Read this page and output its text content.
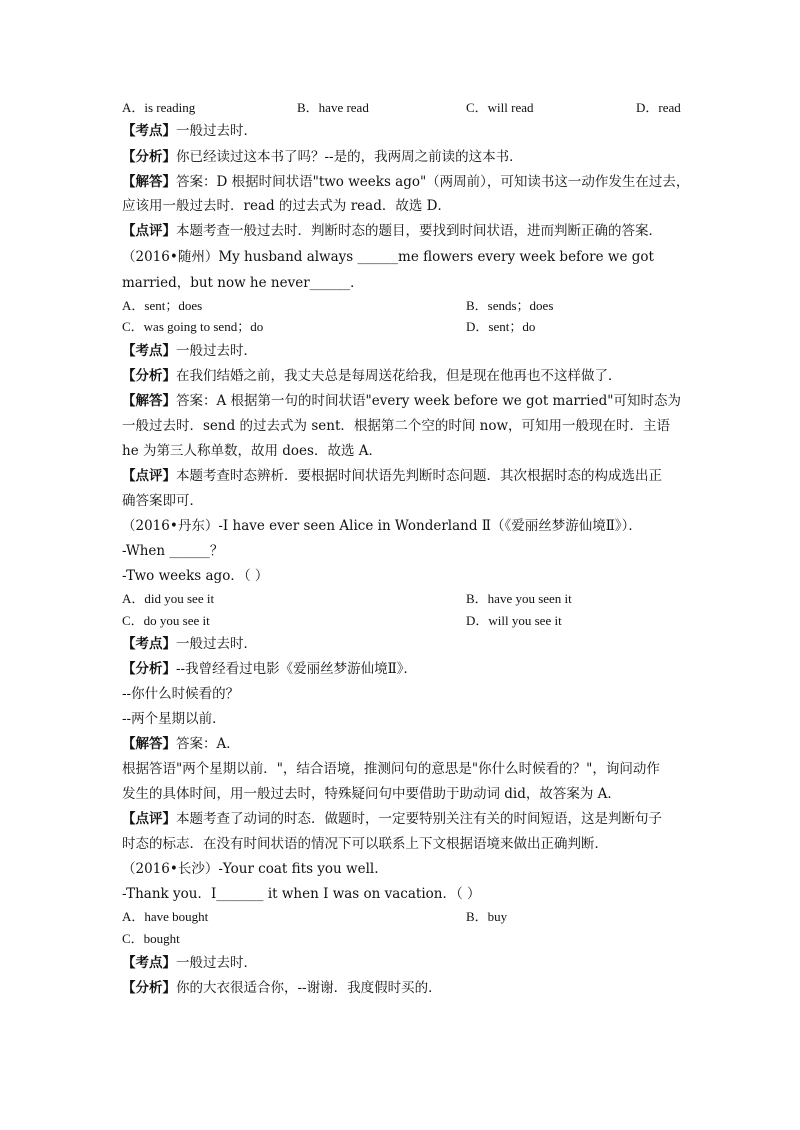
A．is reading	B．have read	C．will read	D．read
【考点】一般过去时．
【分析】你已经读过这本书了吗？--是的，我两周之前读的这本书．
【解答】答案：D 根据时间状语"two weeks ago"（两周前），可知读书这一动作发生在过去，
应该用一般过去时．read 的过去式为 read．故选 D．
【点评】本题考查一般过去时．判断时态的题目，要找到时间状语，进而判断正确的答案．
（2016•随州）My husband always ______me flowers every week before we got
married，but now he never______．
A．sent；does	B．sends；does
C．was going to send；do	D．sent；do
【考点】一般过去时．
【分析】在我们结婚之前，我丈夫总是每周送花给我，但是现在他再也不这样做了．
【解答】答案：A 根据第一句的时间状语"every week before we got married"可知时态为
一般过去时．send 的过去式为 sent．根据第二个空的时间 now，可知用一般现在时．主语
he 为第三人称单数，故用 does．故选 A．
【点评】本题考查时态辨析．要根据时间状语先判断时态问题．其次根据时态的构成选出正
确答案即可．
（2016•丹东）-I have ever seen Alice in Wonderland Ⅱ（《爱丽丝梦游仙境Ⅱ》）．
-When ______？
-Two weeks ago．（ ）
A．did you see it	B．have you seen it
C．do you see it	D．will you see it
【考点】一般过去时．
【分析】--我曾经看过电影《爱丽丝梦游仙境Ⅱ》．
--你什么时候看的？
--两个星期以前．
【解答】答案：A．
根据答语"两个星期以前．"，结合语境，推测问句的意思是"你什么时候看的？"，询问动作
发生的具体时间，用一般过去时，特殊疑问句中要借助于助动词 did，故答案为 A．
【点评】本题考查了动词的时态．做题时，一定要特别关注有关的时间短语，这是判断句子
时态的标志．在没有时间状语的情况下可以联系上下文根据语境来做出正确判断．
（2016•长沙）-Your coat fits you well.
-Thank you．I_______ it when I was on vacation．（ ）
A．have bought	B．buy
C．bought
【考点】一般过去时．
【分析】你的大衣很适合你，--谢谢．我度假时买的．
